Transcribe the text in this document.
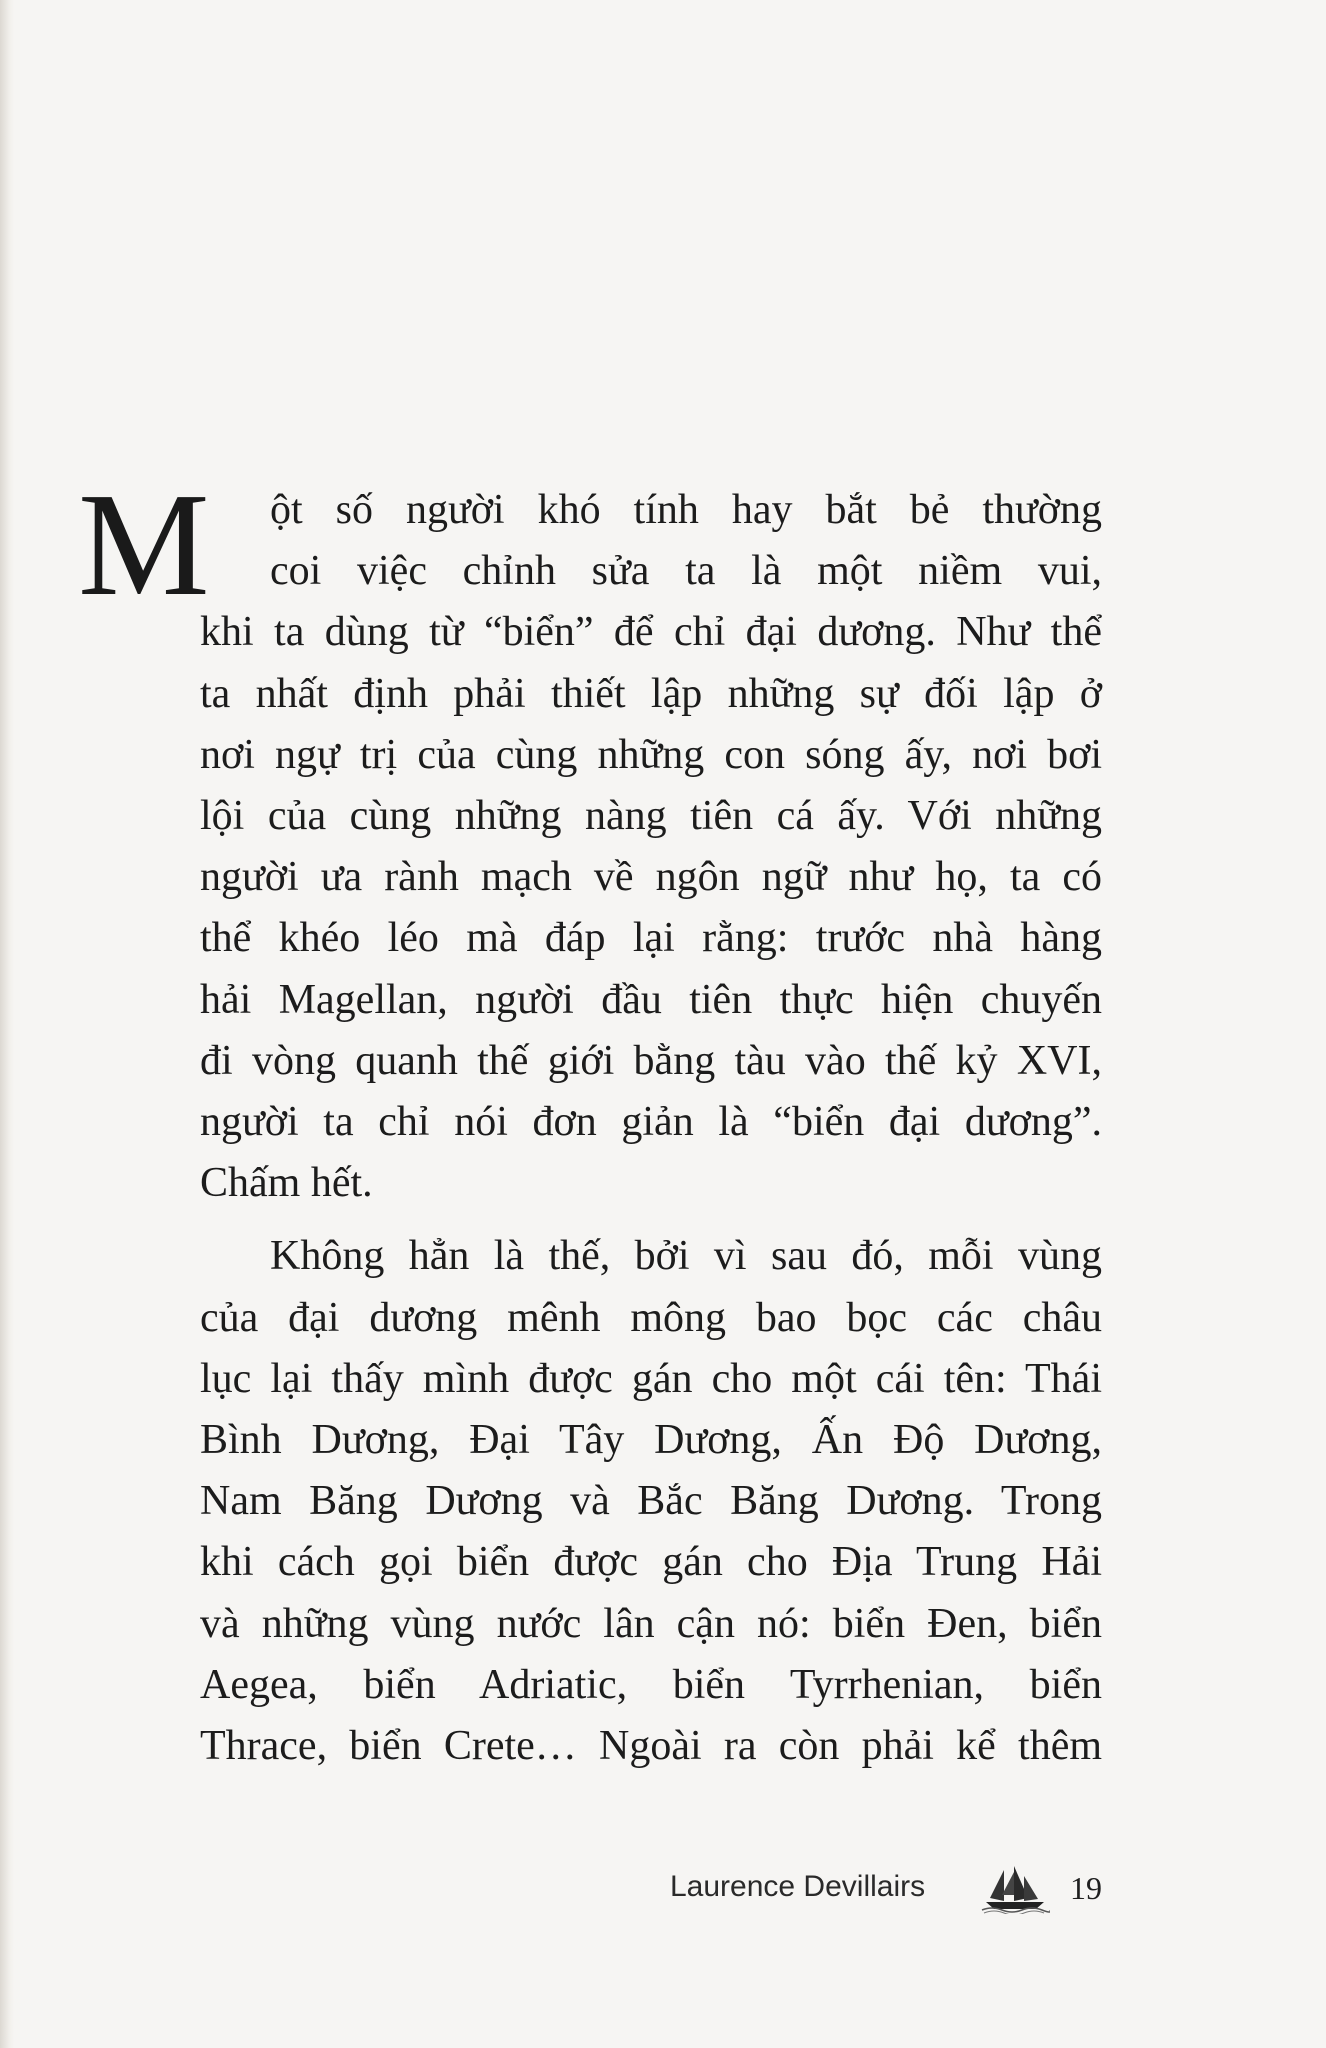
M	ột số người khó tính hay bắt bẻ thường
coi việc chỉnh sửa ta là một niềm vui,
khi ta dùng từ “biển” để chỉ đại dương. Như thể
ta nhất định phải thiết lập những sự đối lập ở
nơi ngự trị của cùng những con sóng ấy, nơi bơi
lội của cùng những nàng tiên cá ấy. Với những
người ưa rành mạch về ngôn ngữ như họ, ta có
thể khéo léo mà đáp lại rằng: trước nhà hàng
hải Magellan, người đầu tiên thực hiện chuyến
đi vòng quanh thế giới bằng tàu vào thế kỷ XVI,
người ta chỉ nói đơn giản là “biển đại dương”.
Chấm hết.

Không hẳn là thế, bởi vì sau đó, mỗi vùng
của đại dương mênh mông bao bọc các châu
lục lại thấy mình được gán cho một cái tên: Thái
Bình Dương, Đại Tây Dương, Ấn Độ Dương,
Nam Băng Dương và Bắc Băng Dương. Trong
khi cách gọi biển được gán cho Địa Trung Hải
và những vùng nước lân cận nó: biển Đen, biển
Aegea, biển Adriatic, biển Tyrrhenian, biển
Thrace, biển Crete… Ngoài ra còn phải kể thêm

Laurence Devillairs	19
